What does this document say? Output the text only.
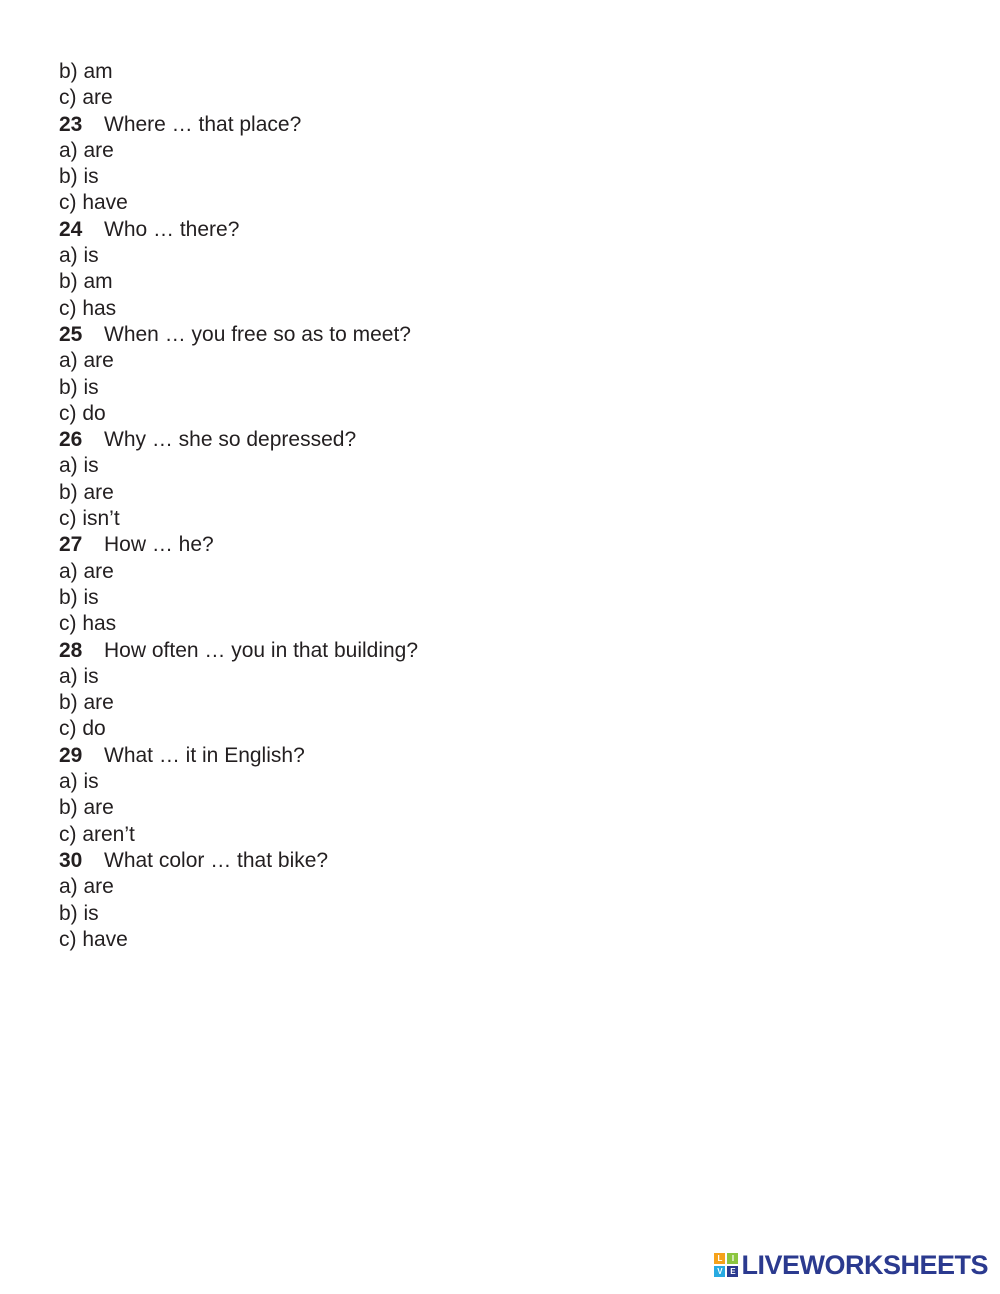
b) am
c) are
23 Where … that place?
a) are
b) is
c) have
24 Who … there?
a) is
b) am
c) has
25 When … you free so as to meet?
a) are
b) is
c) do
26 Why … she so depressed?
a) is
b) are
c) isn’t
27 How … he?
a) are
b) is
c) has
28 How often … you in that building?
a) is
b) are
c) do
29 What … it in English?
a) is
b) are
c) aren’t
30 What color … that bike?
a) are
b) is
c) have
L	I
V E LIVEWORKSHEETS
